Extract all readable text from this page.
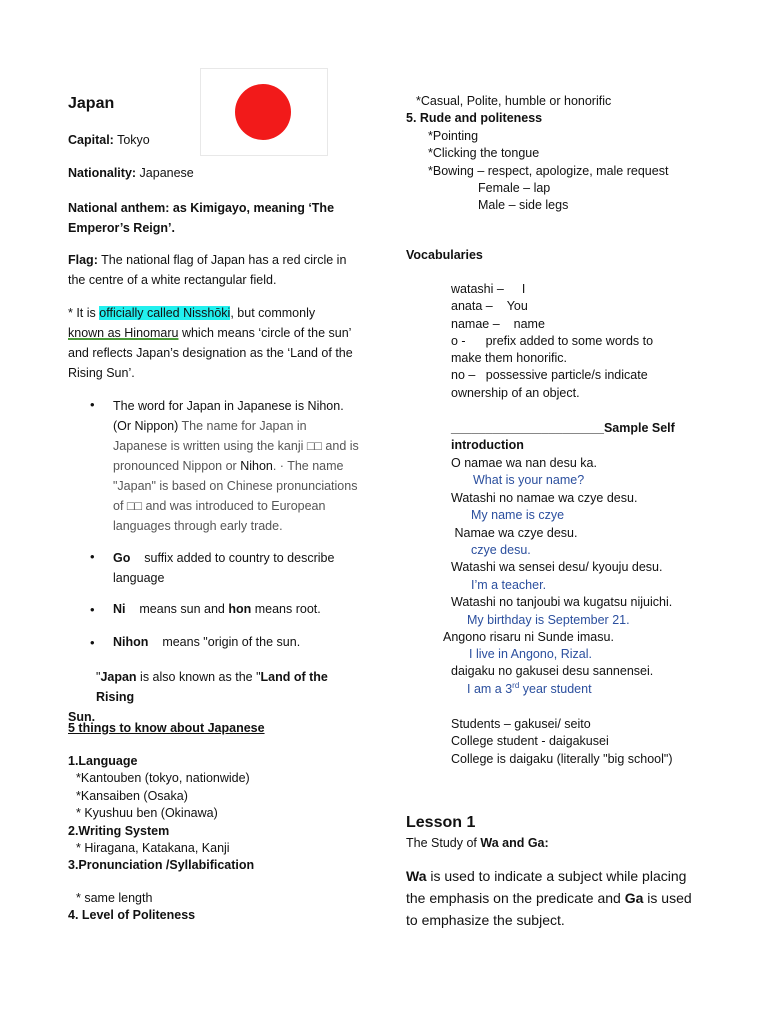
Japan

Capital: Tokyo

Nationality: Japanese

National anthem: as Kimigayo, meaning ‘The
Emperor’s Reign’.
Flag: The national flag of Japan has a red circle in
the centre of a white rectangular field.
* It is officially called Nisshōki, but commonly
known as Hinomaru which means ‘circle of the sun’
and reflects Japan’s designation as the ‘Land of the
Rising Sun’.
•	The word for Japan in Japanese is Nihon.
(Or Nippon) The name for Japan in
Japanese is written using the kanji □□ and is
pronounced Nippon or Nihon. · The name
"Japan" is based on Chinese pronunciations
of □□ and was introduced to European
languages through early trade.
•	Go    suffix added to country to describe
language
•	Ni    means sun and hon means root.
•	Nihon    means "origin of the sun.
"Japan is also known as the "Land of the Rising
Sun.
5 things to know about Japanese
1.Language
*Kantouben (tokyo, nationwide)
*Kansaiben (Osaka)
* Kyushuu ben (Okinawa)
2.Writing System
* Hiragana, Katakana, Kanji
3.Pronunciation /Syllabification
* same length
4. Level of Politeness
*Casual, Polite, humble or honorific
5. Rude and politeness
*Pointing
*Clicking the tongue
*Bowing – respect, apologize, male request
Female – lap
Male – side legs
Vocabularies
watashi – I
anata – You
namae – name
o - prefix added to some words to
make them honorific.
no – possessive particle/s indicate
ownership of an object.
______________________Sample Self
introduction
O namae wa nan desu ka.
What is your name?
Watashi no namae wa czye desu.
My name is czye
Namae wa czye desu.
czye desu.
Watashi wa sensei desu/ kyouju desu.
I’m a teacher.
Watashi no tanjoubi wa kugatsu nijuichi.
My birthday is September 21.
Angono risaru ni Sunde imasu.
I live in Angono, Rizal.
daigaku no gakusei desu sannensei.
I am a 3rd year student
Students – gakusei/ seito
College student - daigakusei
College is daigaku (literally "big school")
Lesson 1
The Study of Wa and Ga:
Wa is used to indicate a subject while placing
the emphasis on the predicate and Ga is used
to emphasize the subject.
